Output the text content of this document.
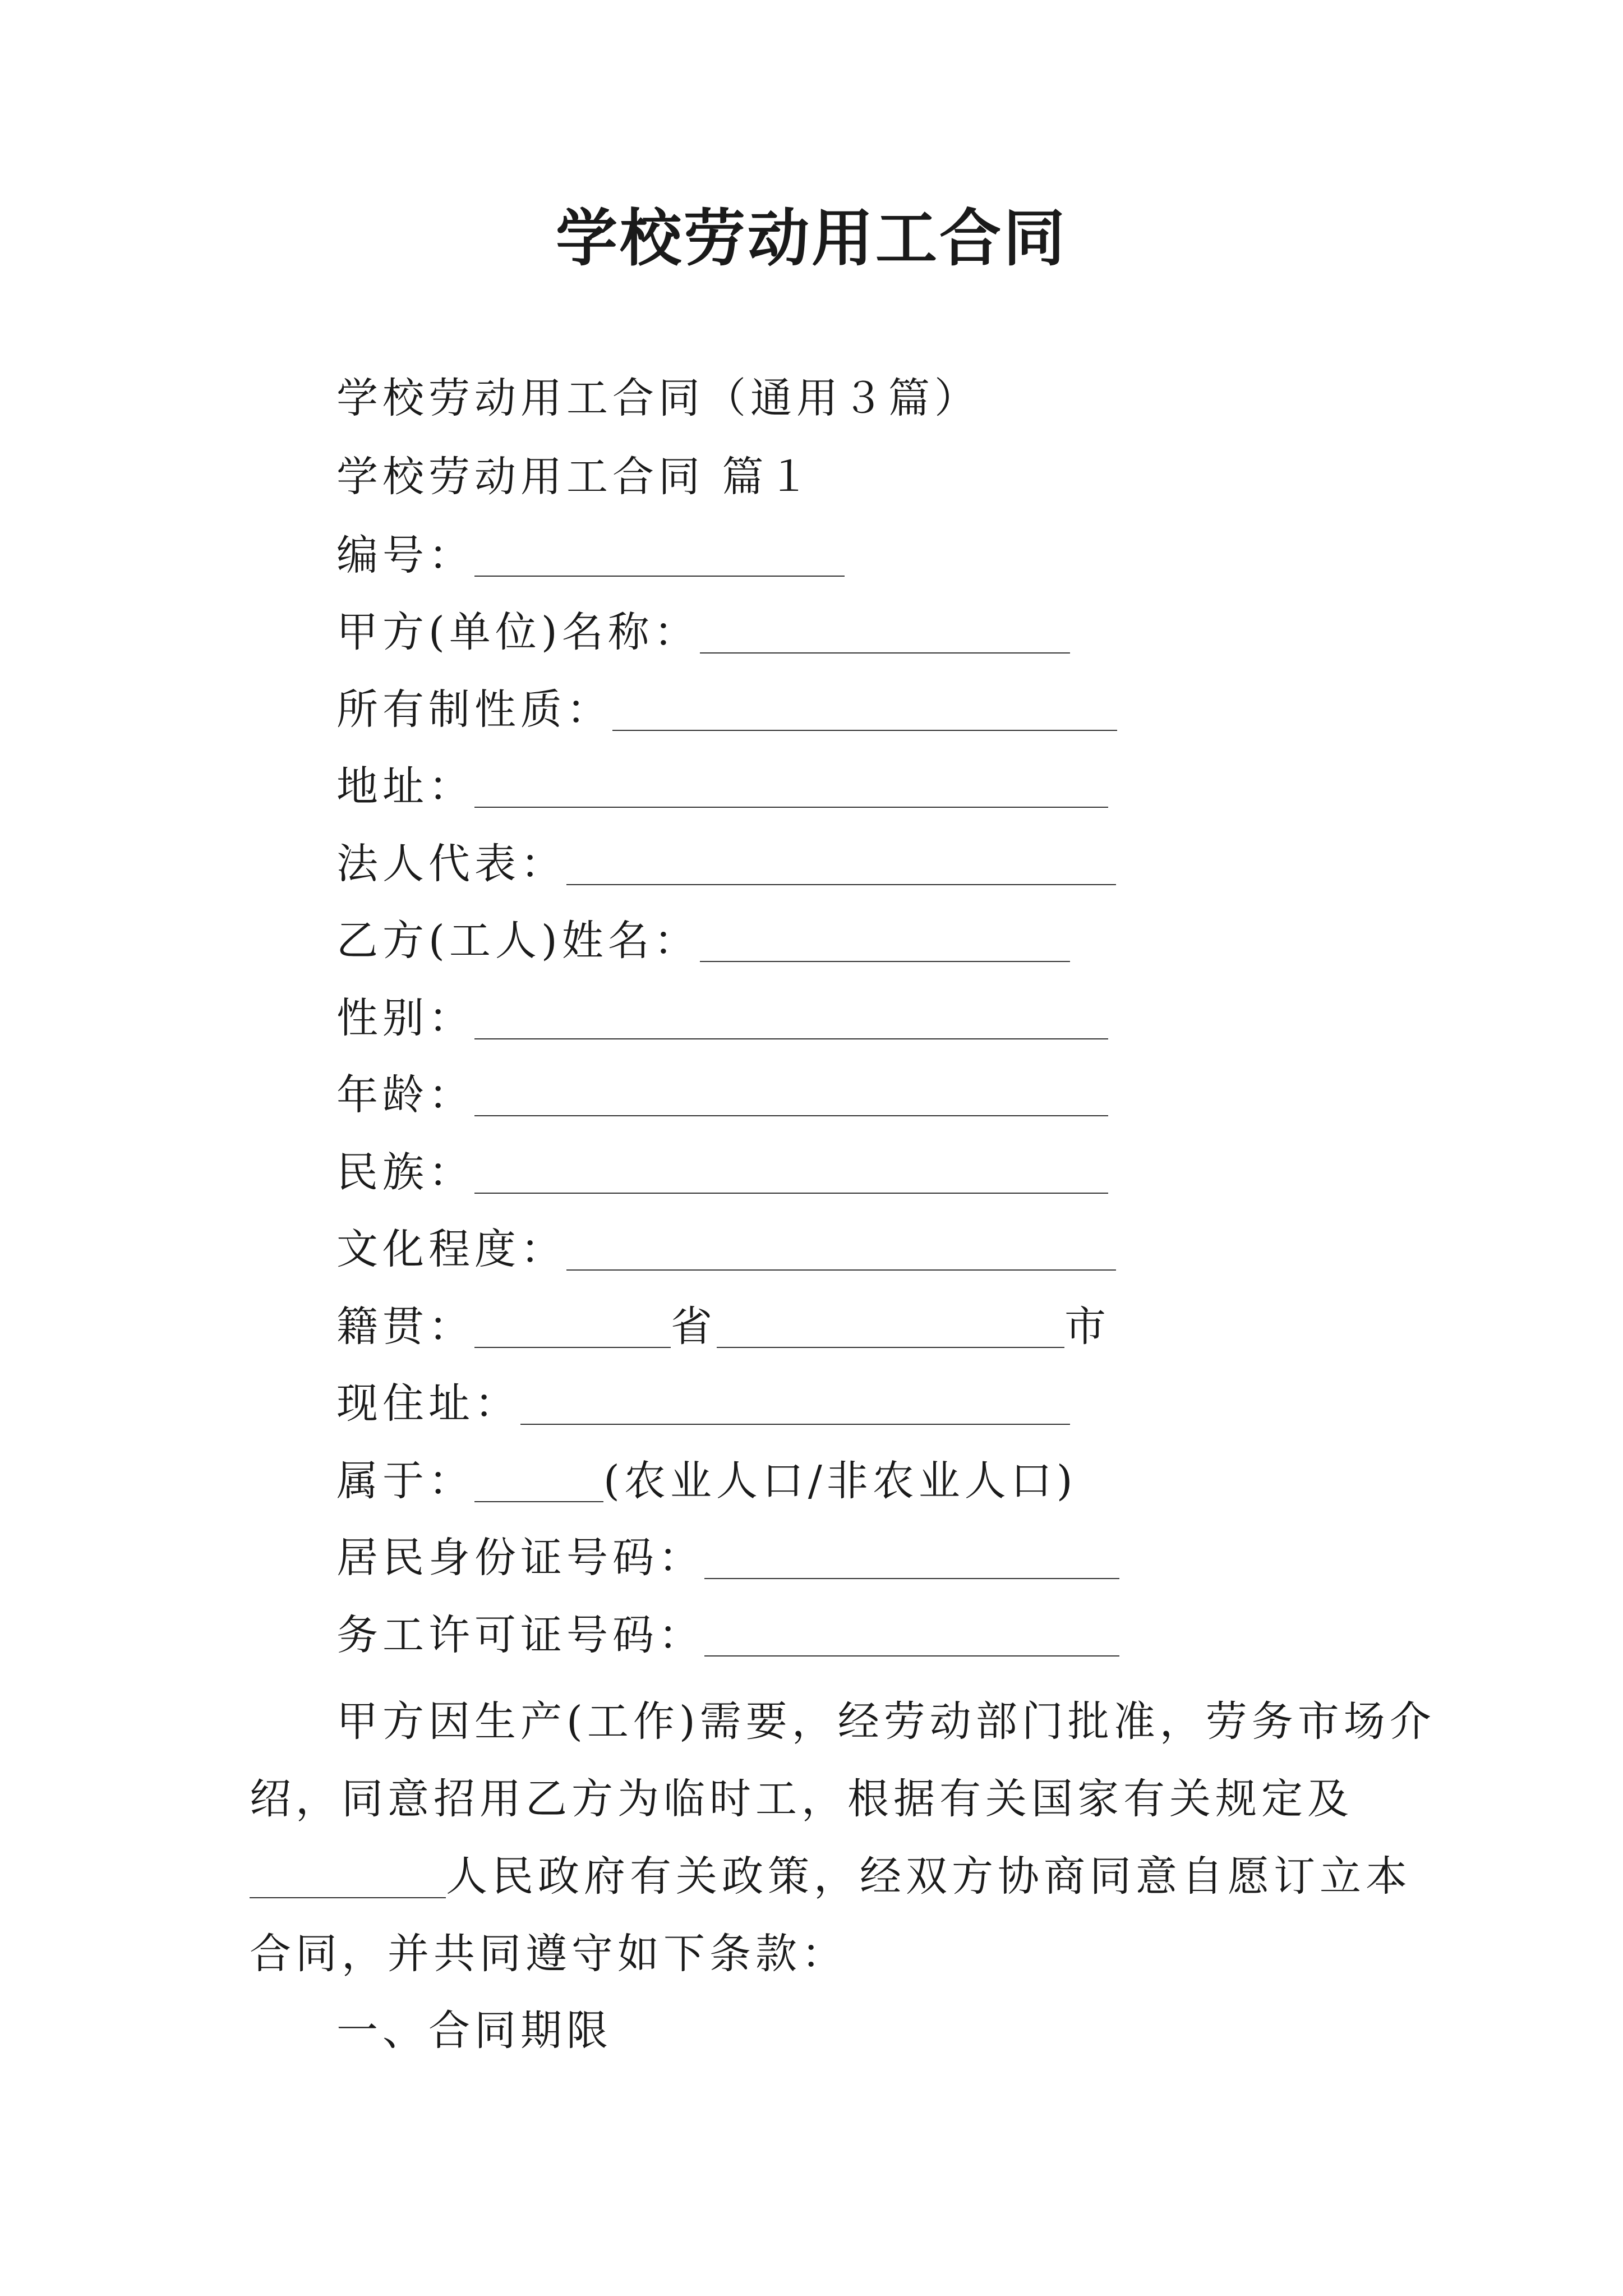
学校劳动用工合同
学校劳动用工合同（通用３篇）
学校劳动用工合同 篇１
编号：
甲方(单位)名称：
所有制性质：
地址：
法人代表：
乙方(工人)姓名：
性别：
年龄：
民族：
文化程度：
籍贯：	省	市
现住址：
属于：	(农业人口/非农业人口)
居民身份证号码：
务工许可证号码：
甲方因生产(工作)需要，经劳动部门批准，劳务市场介
绍，同意招用乙方为临时工，根据有关国家有关规定及
人民政府有关政策，经双方协商同意自愿订立本
合同，并共同遵守如下条款：
一、合同期限
